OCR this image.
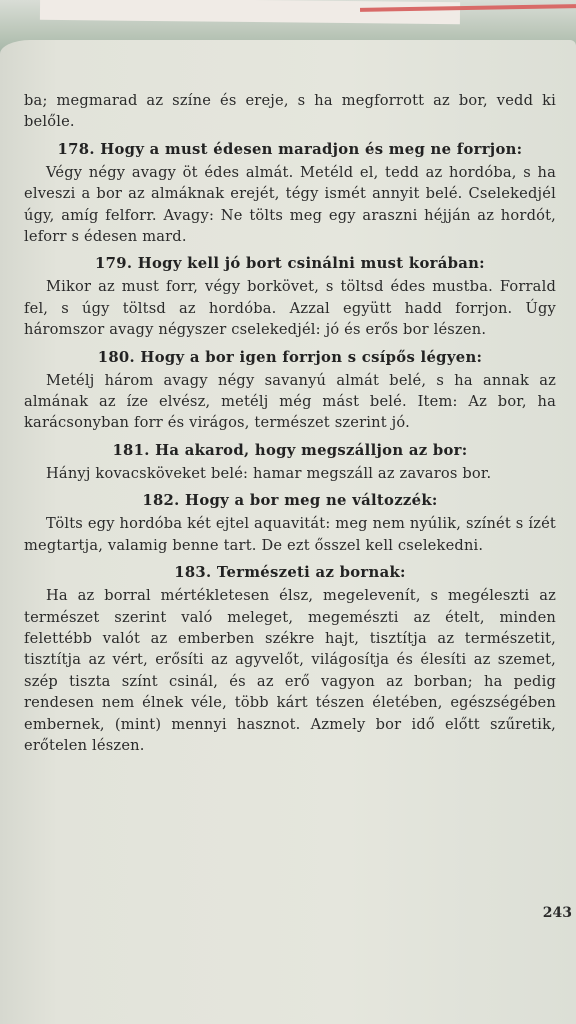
ba; megmarad az színe és ereje, s ha megforrott az bor, vedd ki belőle.

178. Hogy a must édesen maradjon és meg ne forrjon:

Végy négy avagy öt édes almát. Metéld el, tedd az hordóba, s ha elveszi a bor az almáknak erejét, tégy ismét annyit belé. Cselekedjél úgy, amíg felforr. Avagy: Ne tölts meg egy araszni héjján az hordót, leforr s édesen mard.

179. Hogy kell jó bort csinálni must korában:

Mikor az must forr, végy borkövet, s töltsd édes mustba. Forrald fel, s úgy töltsd az hordóba. Azzal együtt hadd forrjon. Úgy háromszor avagy négyszer cselekedjél: jó és erős bor lészen.

180. Hogy a bor igen forrjon s csípős légyen:

Metélj három avagy négy savanyú almát belé, s ha annak az almának az íze elvész, metélj még mást belé. Item: Az bor, ha karácsonyban forr és virágos, természet szerint jó.

181. Ha akarod, hogy megszálljon az bor:

Hányj kovacsköveket belé: hamar megszáll az zavaros bor.

182. Hogy a bor meg ne változzék:

Tölts egy hordóba két ejtel aquavitát: meg nem nyúlik, színét s ízét megtartja, valamig benne tart. De ezt ősszel kell cselekedni.

183. Természeti az bornak:

Ha az borral mértékletesen élsz, megelevenít, s megéleszti az természet szerint való meleget, megemészti az ételt, minden felettébb valót az emberben székre hajt, tisztítja az természetit, tisztítja az vért, erősíti az agyvelőt, világosítja és élesíti az szemet, szép tiszta színt csinál, és az erő vagyon az borban; ha pedig rendesen nem élnek véle, több kárt tészen életében, egészségében embernek, (mint) mennyi hasznot. Azmely bor idő előtt szűretik, erőtelen lészen.

243
